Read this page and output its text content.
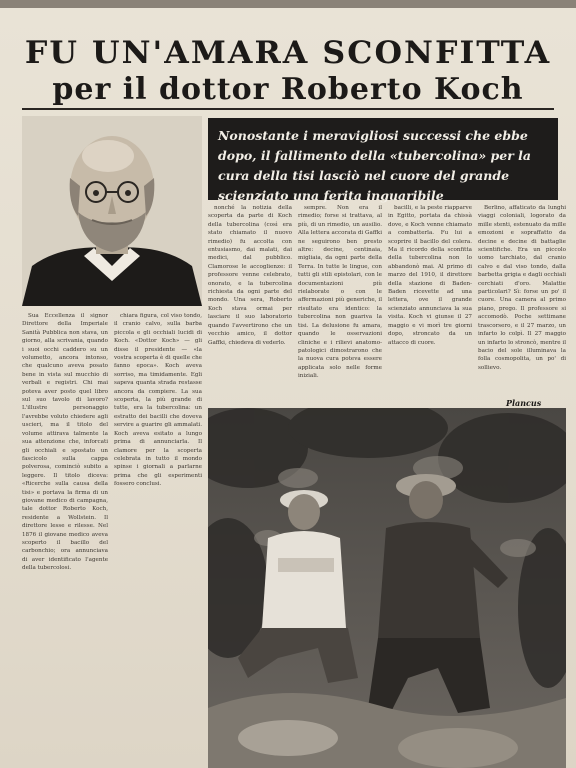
FU UN'AMARA SCONFITTA
per il dottor Roberto Koch
Nonostante i meravigliosi successi che ebbe dopo, il fallimento della «tubercolina» per la cura della tisi lasciò nel cuore del grande scienziato una ferita inguaribile

Sua Eccellenza il signor Direttore della Imperiale Sanità Pubblica non stava, un giorno, alla scrivania, quando i suoi occhi caddero su un volumetto, ancora intonso, che qualcuno aveva posato bene in vista sul mucchio di verbali e registri. Chi mai poteva aver posto quel libro sul suo tavolo di lavoro? L'illustre personaggio l'avrebbe voluto chiedere agli uscieri, ma il titolo del volume attirava talmente la sua attenzione che, inforcati gli occhiali e spostato un fascicolo sulla cappa polverosa, cominciò subito a leggere. Il titolo diceva: «Ricerche sulla causa della tisi» e portava la firma di un giovane medico di campagna, tale dottor Roberto Koch, residente a Wollstein. Il direttore lesse e rilesse. Nel 1876 il giovane medico aveva scoperto il bacillo del carbonchio; ora annunciava di aver identificato l'agente della tubercolosi.

chiara figura, col viso tondo, il cranio calvo, sulla barba piccola e gli occhiali lucidi di Koch. «Dottor Koch» — gli disse il presidente — «la vostra scoperta è di quelle che fanno epoca». Koch aveva sorriso, ma timidamente. Egli sapeva quanta strada restasse ancora da compiere. La sua scoperta, la più grande di tutte, era la tubercolina: un estratto dei bacilli che doveva servire a guarire gli ammalati. Koch aveva esitato a lungo prima di annunciarla. Il clamore per la scoperta celebrata in tutto il mondo spinse i giornali a parlarne prima che gli esperimenti fossero conclusi.

nonché la notizia della scoperta da parte di Koch della tubercolina (così era stato chiamato il nuovo rimedio) fu accolta con entusiasmo, dai malati, dai medici, dal pubblico. Clamorose le accoglienze: il professore venne celebrato, onorato, e la tubercolina richiesta da ogni parte del mondo. Una sera, Roberto Koch stava ormai per lasciare il suo laboratorio quando l'avvertirono che un vecchio amico, il dottor Gaffki, chiedeva di vederlo.

sempre. Non era il rimedio; forse si trattava, al più, di un rimedio, un ausilio. Alla lettera accorata di Gaffki ne seguirono ben presto altre: decine, centinaia, migliaia, da ogni parte della Terra. In tutte le lingue, con tutti gli stili epistolari, con le documentazioni più rielaborate o con le affermazioni più generiche, il risultato era identico: la tubercolina non guariva la tisi. La delusione fu amara, quando le osservazioni cliniche e i rilievi anatomo-patologici dimostrarono che la nuova cura poteva essere applicata solo nelle forme iniziali.

bacilli, e la peste riapparve in Egitto, portata da chissà dove, e Koch venne chiamato a combatterla. Fu lui a scoprire il bacillo del colera. Ma il ricordo della sconfitta della tubercolina non lo abbandonò mai. Al primo di marzo del 1910, il direttore della stazione di Baden-Baden ricevette ad una lettera, ove il grande scienziato annunciava la sua visita. Koch vi giunse il 27 maggio e vi morì tre giorni dopo, stroncato da un attacco di cuore.

Berlino, affaticato da lunghi viaggi coloniali, logorato da mille stenti, estenuato da mille emozioni e sopraffatto da decine e decine di battaglie scientifiche. Era un piccolo uomo tarchiato, dal cranio calvo e dal viso tondo, dalla barbetta grigia e dagli occhiali cerchiati d'oro. Malattie particolari? Sì: forse un po' il cuore. Una camera al primo piano, prego. Il professore si accomodò. Poche settimanе trascorsero, e il 27 marzo, un infarto lo colpì. Il 27 maggio un infarto lo stroncò, mentre il bacio del sole illuminava la folla cosmopolita, un po' di sollievo.

Plancus
